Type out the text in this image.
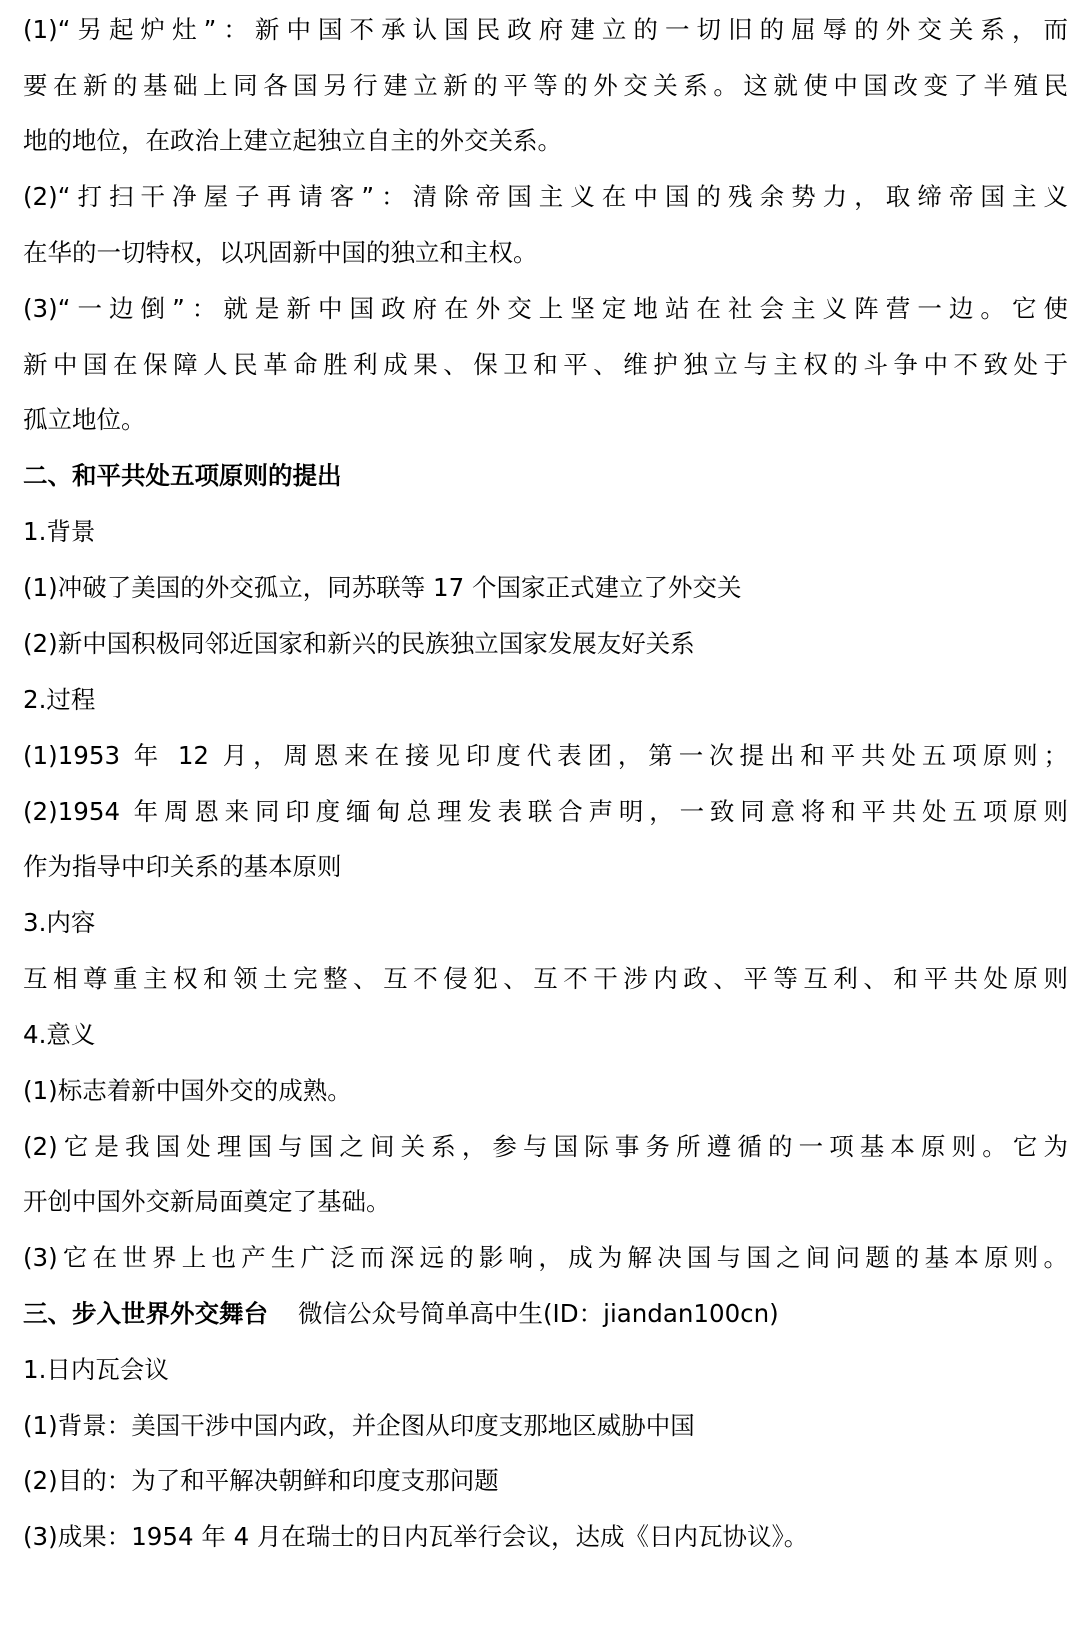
(1)“另起炉灶”：新中国不承认国民政府建立的一切旧的屈辱的外交关系，而
要在新的基础上同各国另行建立新的平等的外交关系。这就使中国改变了半殖民
地的地位，在政治上建立起独立自主的外交关系。
(2)“打扫干净屋子再请客”：清除帝国主义在中国的残余势力，取缔帝国主义
在华的一切特权，以巩固新中国的独立和主权。
(3)“一边倒”：就是新中国政府在外交上坚定地站在社会主义阵营一边。它使
新中国在保障人民革命胜利成果、保卫和平、维护独立与主权的斗争中不致处于
孤立地位。
二、和平共处五项原则的提出
1.背景
(1)冲破了美国的外交孤立，同苏联等 17 个国家正式建立了外交关
(2)新中国积极同邻近国家和新兴的民族独立国家发展友好关系
2.过程
(1)1953 年 12 月，周恩来在接见印度代表团，第一次提出和平共处五项原则；
(2)1954 年周恩来同印度缅甸总理发表联合声明，一致同意将和平共处五项原则
作为指导中印关系的基本原则
3.内容
互相尊重主权和领土完整、互不侵犯、互不干涉内政、平等互利、和平共处原则
4.意义
(1)标志着新中国外交的成熟。
(2)它是我国处理国与国之间关系，参与国际事务所遵循的一项基本原则。它为
开创中国外交新局面奠定了基础。
(3)它在世界上也产生广泛而深远的影响，成为解决国与国之间问题的基本原则。
三、步入世界外交舞台 微信公众号简单高中生(ID：jiandan100cn)
1.日内瓦会议
(1)背景：美国干涉中国内政，并企图从印度支那地区威胁中国
(2)目的：为了和平解决朝鲜和印度支那问题
(3)成果：1954 年 4 月在瑞士的日内瓦举行会议，达成《日内瓦协议》。
